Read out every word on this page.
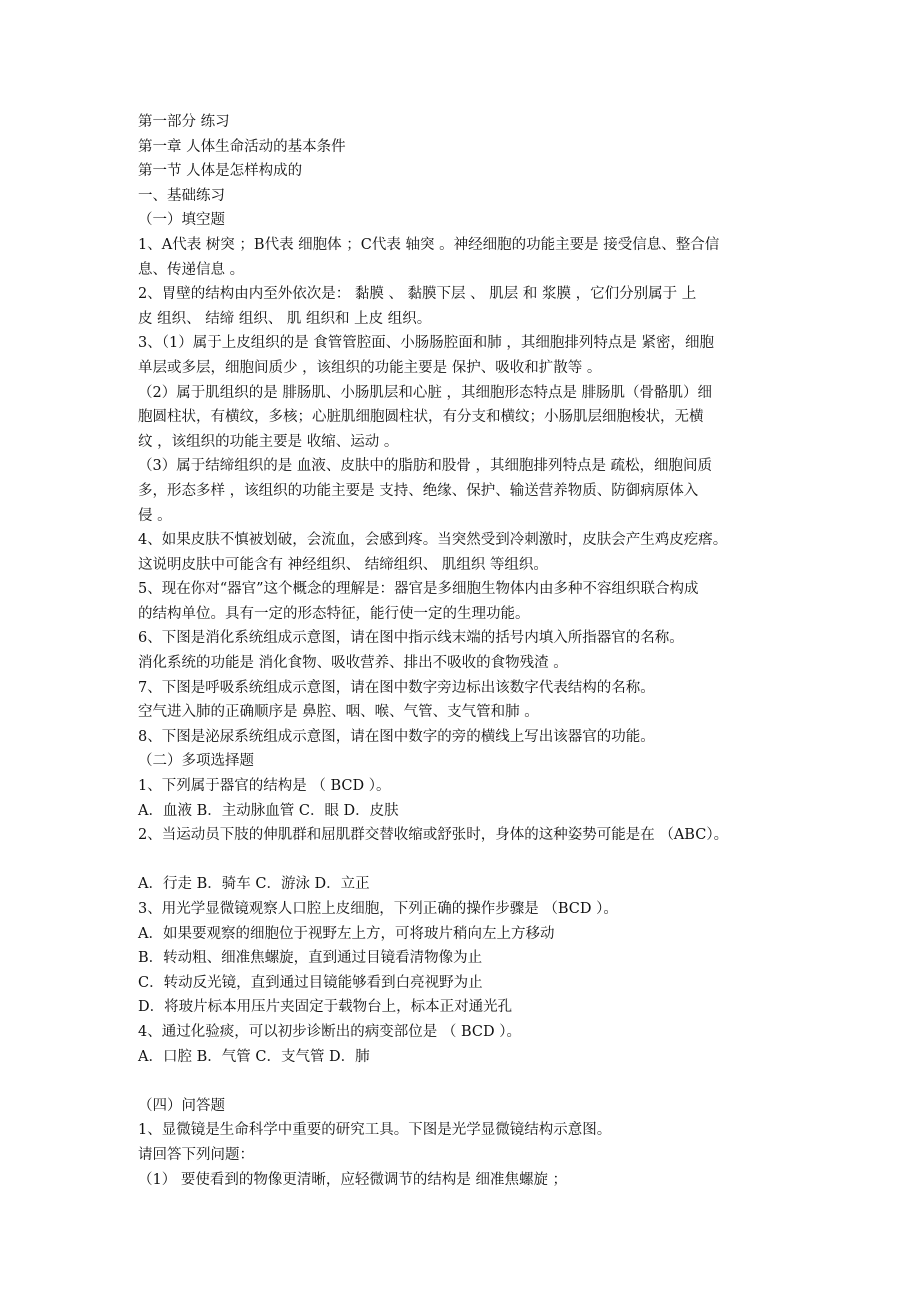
第一部分 练习
第一章 人体生命活动的基本条件
第一节 人体是怎样构成的
一、基础练习
（一）填空题
1、A代表 树突 ；B代表 细胞体 ；C代表 轴突 。神经细胞的功能主要是 接受信息、整合信
息、传递信息 。
2、胃壁的结构由内至外依次是： 黏膜 、 黏膜下层 、 肌层 和 浆膜 ，它们分别属于 上
皮 组织、 结缔 组织、 肌 组织和 上皮 组织。
3、（1）属于上皮组织的是 食管管腔面、小肠肠腔面和肺 ，其细胞排列特点是 紧密，细胞
单层或多层，细胞间质少 ，该组织的功能主要是 保护、吸收和扩散等 。
（2）属于肌组织的是 腓肠肌、小肠肌层和心脏 ，其细胞形态特点是 腓肠肌（骨骼肌）细
胞圆柱状，有横纹，多核；心脏肌细胞圆柱状，有分支和横纹；小肠肌层细胞梭状，无横
纹 ，该组织的功能主要是 收缩、运动 。
（3）属于结缔组织的是 血液、皮肤中的脂肪和股骨 ，其细胞排列特点是 疏松，细胞间质
多，形态多样 ，该组织的功能主要是 支持、绝缘、保护、输送营养物质、防御病原体入
侵 。
4、如果皮肤不慎被划破，会流血，会感到疼。当突然受到冷刺激时，皮肤会产生鸡皮疙瘩。
这说明皮肤中可能含有 神经组织、 结缔组织、 肌组织 等组织。
5、现在你对“器官”这个概念的理解是：器官是多细胞生物体内由多种不容组织联合构成
的结构单位。具有一定的形态特征，能行使一定的生理功能。
6、下图是消化系统组成示意图，请在图中指示线末端的括号内填入所指器官的名称。
消化系统的功能是 消化食物、吸收营养、排出不吸收的食物残渣 。
7、下图是呼吸系统组成示意图，请在图中数字旁边标出该数字代表结构的名称。
空气进入肺的正确顺序是 鼻腔、咽、喉、气管、支气管和肺 。
8、下图是泌尿系统组成示意图，请在图中数字的旁的横线上写出该器官的功能。
（二）多项选择题
1、下列属于器官的结构是 （ BCD ）。
A．血液 B．主动脉血管 C．眼 D．皮肤
2、当运动员下肢的伸肌群和屈肌群交替收缩或舒张时，身体的这种姿势可能是在 （ABC）。
A．行走 B．骑车 C．游泳 D．立正
3、用光学显微镜观察人口腔上皮细胞，下列正确的操作步骤是 （BCD ）。
A．如果要观察的细胞位于视野左上方，可将玻片稍向左上方移动
B．转动粗、细准焦螺旋，直到通过目镜看清物像为止
C．转动反光镜，直到通过目镜能够看到白亮视野为止
D．将玻片标本用压片夹固定于载物台上，标本正对通光孔
4、通过化验痰，可以初步诊断出的病变部位是 （ BCD ）。
A．口腔 B．气管 C．支气管 D．肺
（四）问答题
1、显微镜是生命科学中重要的研究工具。下图是光学显微镜结构示意图。
请回答下列问题：
（1） 要使看到的物像更清晰，应轻微调节的结构是 细准焦螺旋 ；
